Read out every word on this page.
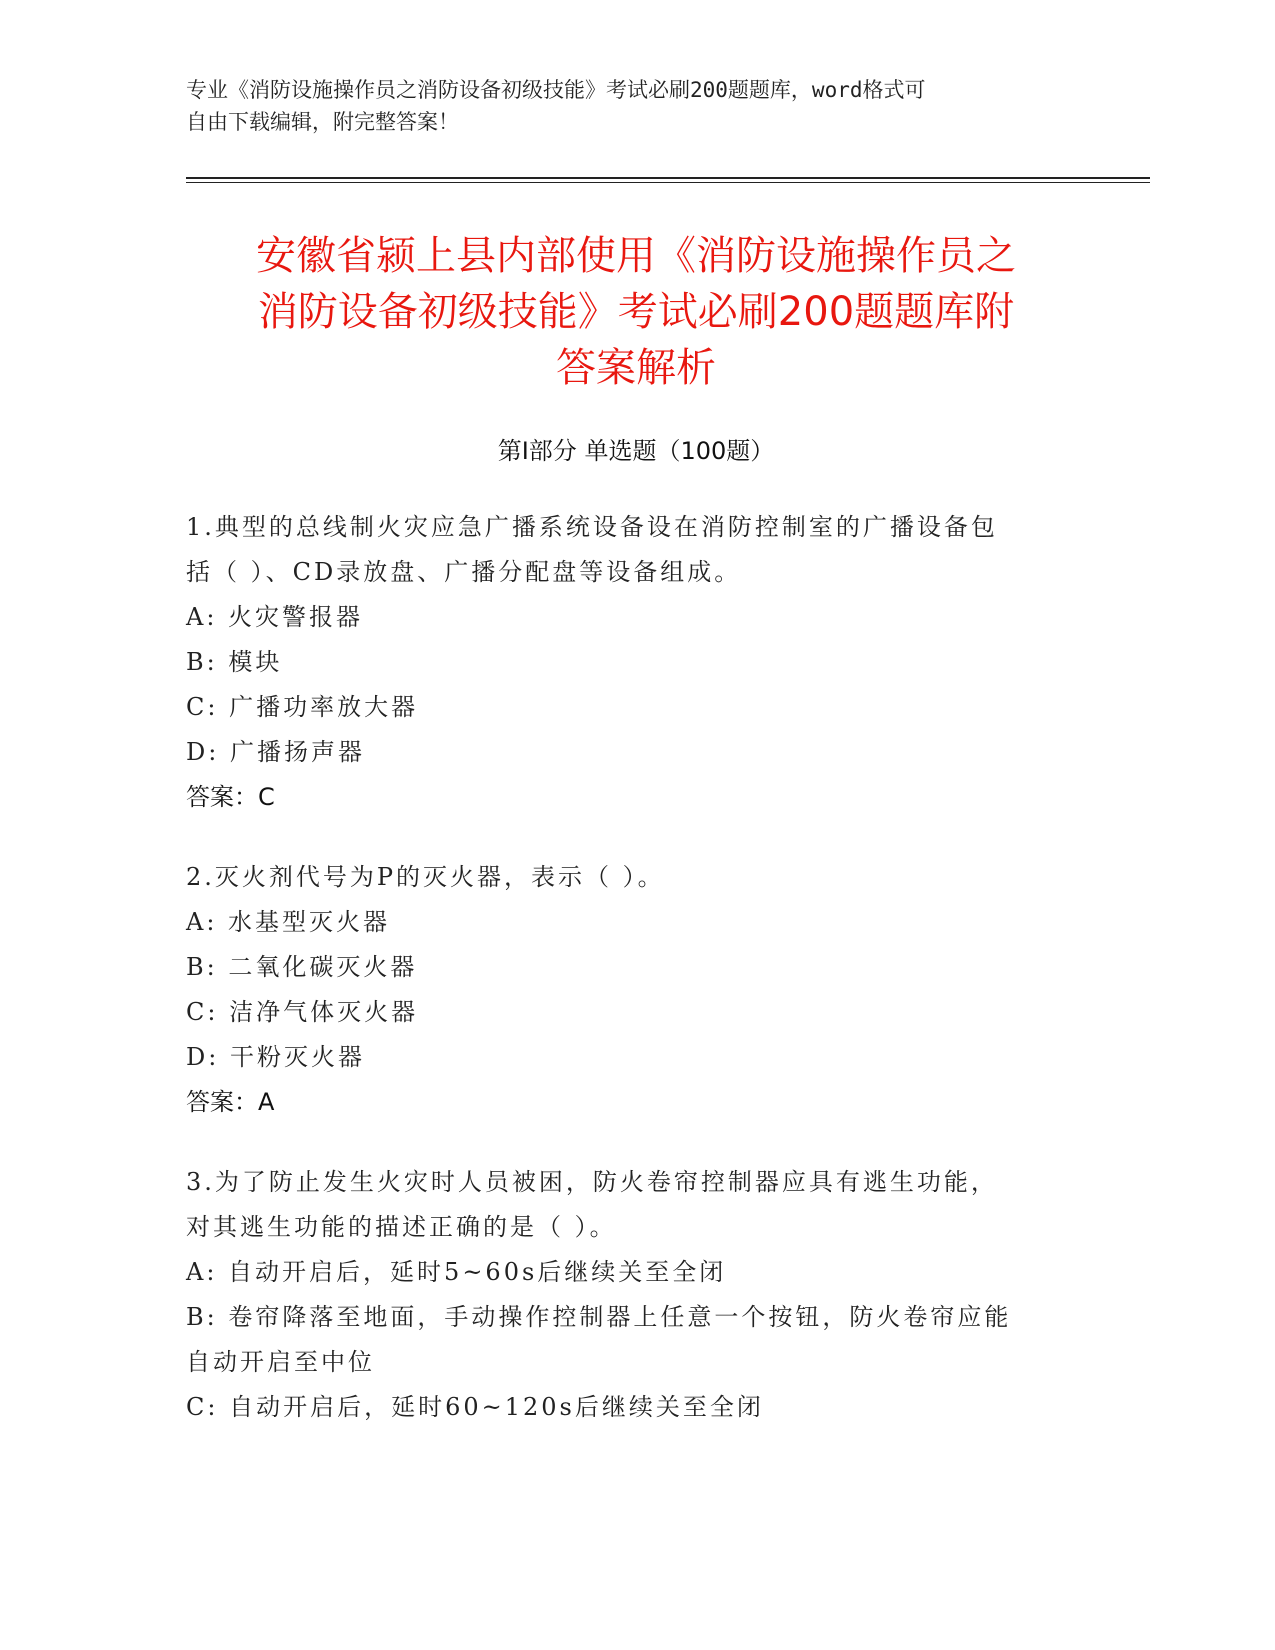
专业《消防设施操作员之消防设备初级技能》考试必刷200题题库，word格式可
自由下载编辑，附完整答案！
安徽省颍上县内部使用《消防设施操作员之
消防设备初级技能》考试必刷200题题库附
答案解析
第Ⅰ部分 单选题（100题）

1.典型的总线制火灾应急广播系统设备设在消防控制室的广播设备包

括（ ）、CD录放盘、广播分配盘等设备组成。

A: 火灾警报器

B: 模块

C: 广播功率放大器

D: 广播扬声器

答案：C

2.灭火剂代号为P的灭火器，表示（ ）。

A: 水基型灭火器

B: 二氧化碳灭火器

C: 洁净气体灭火器

D: 干粉灭火器

答案：A

3.为了防止发生火灾时人员被困，防火卷帘控制器应具有逃生功能，

对其逃生功能的描述正确的是（ ）。

A: 自动开启后，延时5~60s后继续关至全闭

B: 卷帘降落至地面，手动操作控制器上任意一个按钮，防火卷帘应能

自动开启至中位

C: 自动开启后，延时60~120s后继续关至全闭
